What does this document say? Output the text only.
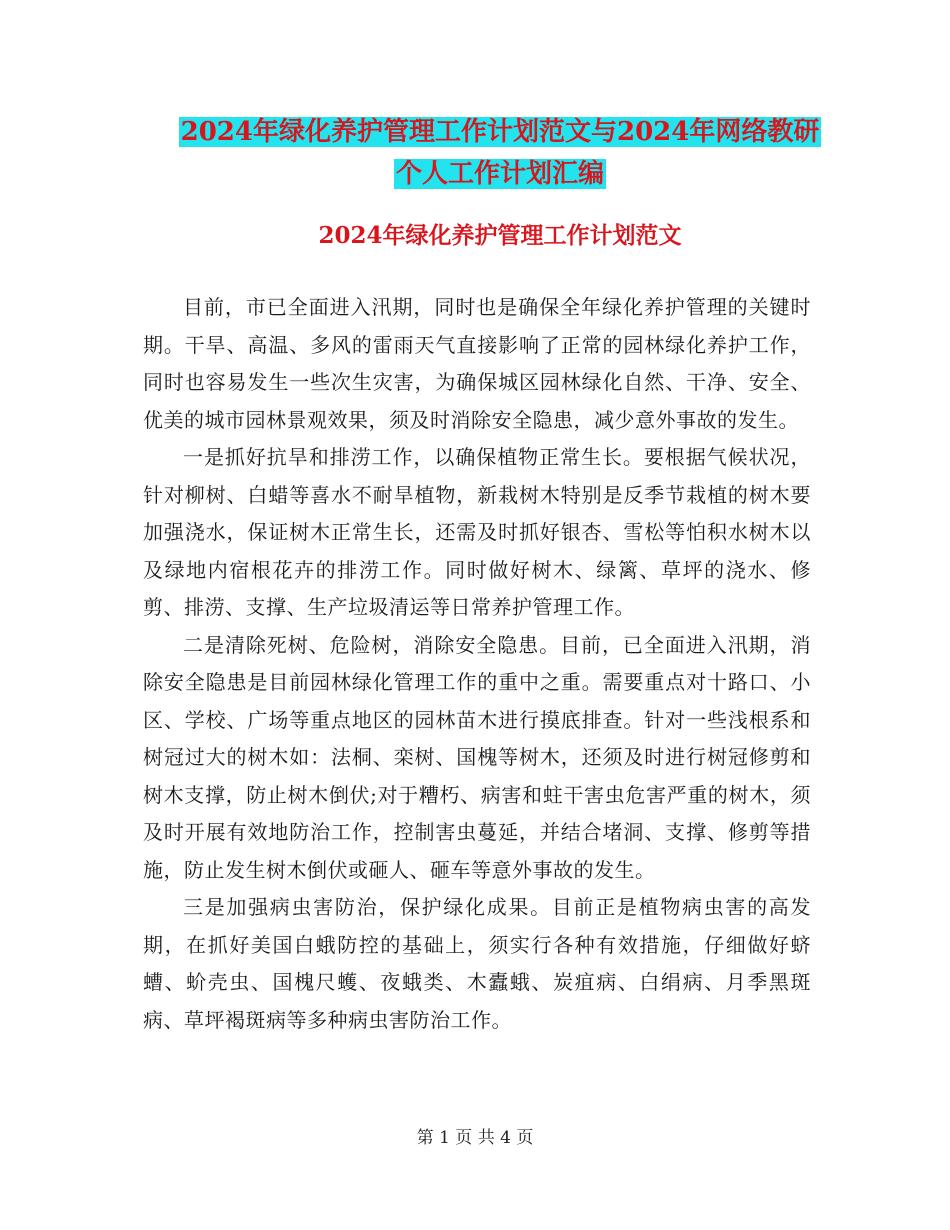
2024年绿化养护管理工作计划范文与2024年网络教研
个人工作计划汇编
2024年绿化养护管理工作计划范文

目前，市已全面进入汛期，同时也是确保全年绿化养护管理的关键时期。干旱、高温、多风的雷雨天气直接影响了正常的园林绿化养护工作，同时也容易发生一些次生灾害，为确保城区园林绿化自然、干净、安全、优美的城市园林景观效果，须及时消除安全隐患，减少意外事故的发生。

一是抓好抗旱和排涝工作，以确保植物正常生长。要根据气候状况，针对柳树、白蜡等喜水不耐旱植物，新栽树木特别是反季节栽植的树木要加强浇水，保证树木正常生长，还需及时抓好银杏、雪松等怕积水树木以及绿地内宿根花卉的排涝工作。同时做好树木、绿篱、草坪的浇水、修剪、排涝、支撑、生产垃圾清运等日常养护管理工作。

二是清除死树、危险树，消除安全隐患。目前，已全面进入汛期，消除安全隐患是目前园林绿化管理工作的重中之重。需要重点对十路口、小区、学校、广场等重点地区的园林苗木进行摸底排查。针对一些浅根系和树冠过大的树木如：法桐、栾树、国槐等树木，还须及时进行树冠修剪和树木支撑，防止树木倒伏;对于糟朽、病害和蛀干害虫危害严重的树木，须及时开展有效地防治工作，控制害虫蔓延，并结合堵洞、支撑、修剪等措施，防止发生树木倒伏或砸人、砸车等意外事故的发生。

三是加强病虫害防治，保护绿化成果。目前正是植物病虫害的高发期，在抓好美国白蛾防控的基础上，须实行各种有效措施，仔细做好蛴螬、蚧壳虫、国槐尺蠖、夜蛾类、木蠹蛾、炭疽病、白绢病、月季黑斑病、草坪褐斑病等多种病虫害防治工作。

第 1 页 共 4 页
